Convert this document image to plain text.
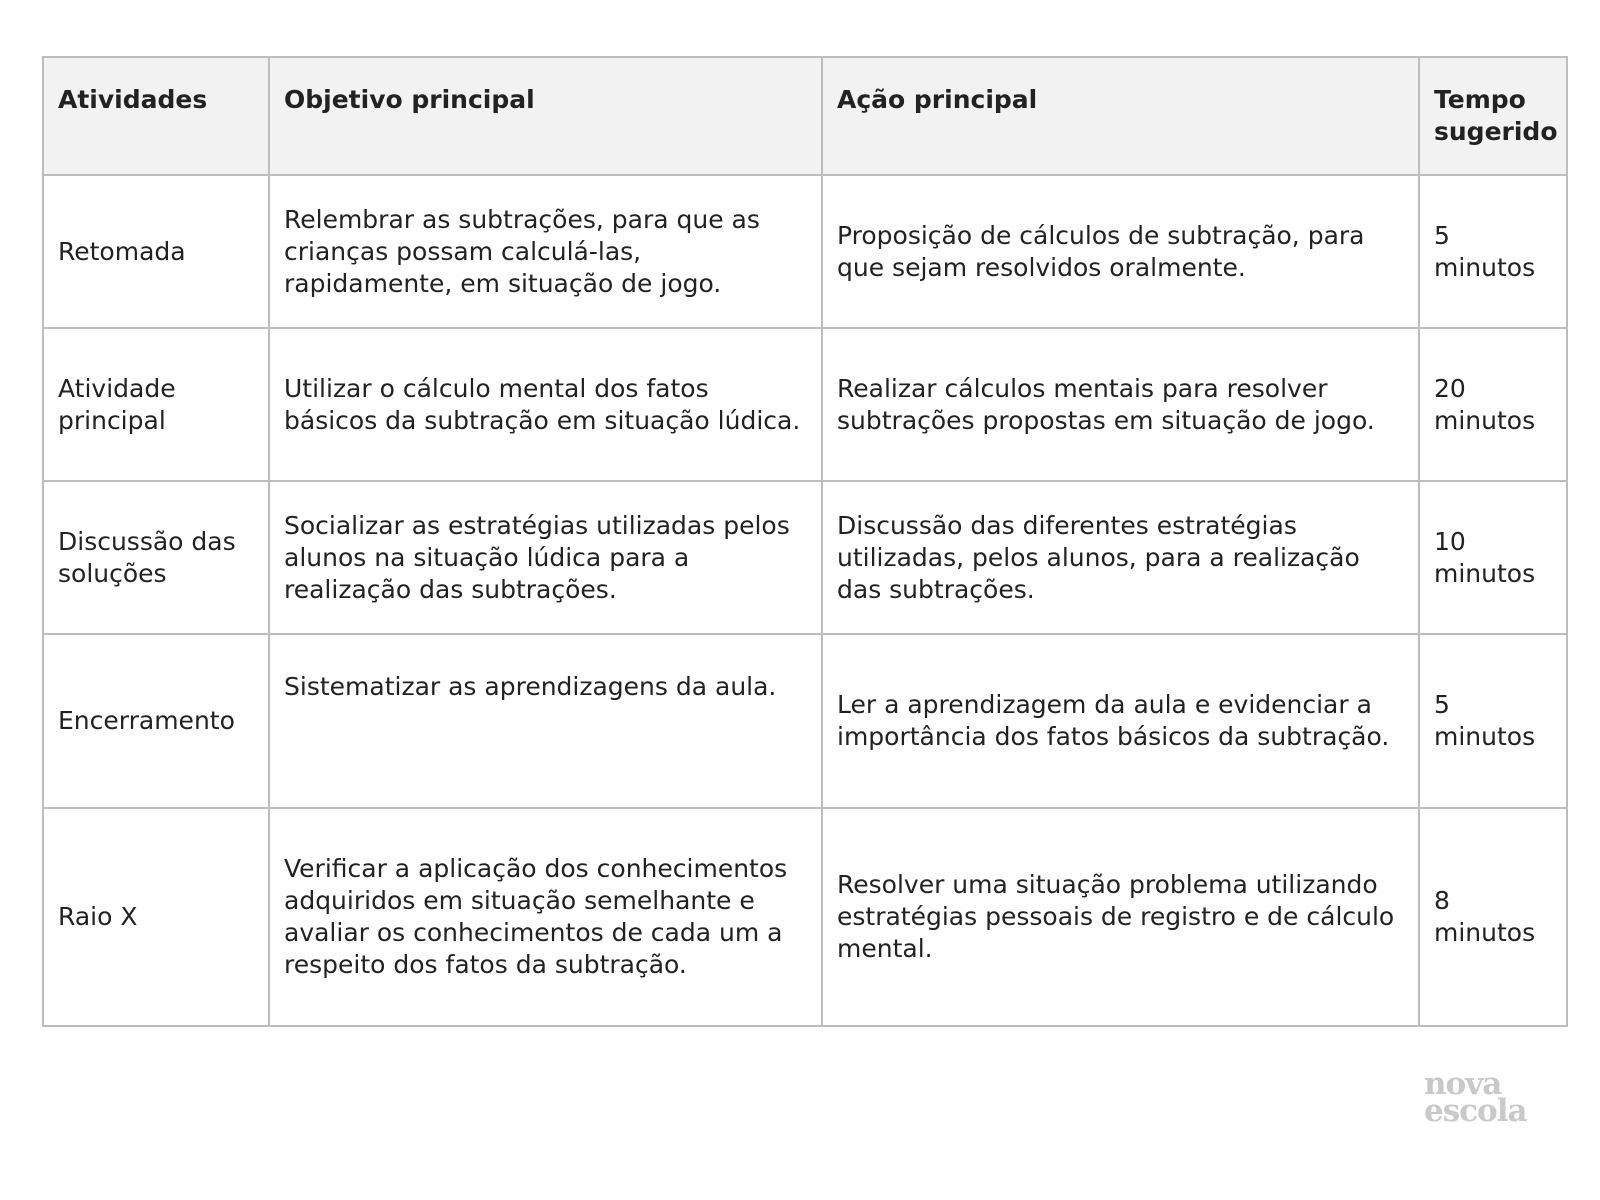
Atividades	Objetivo principal	Ação principal	Tempo sugerido
Retomada	Relembrar as subtrações, para que as crianças possam calculá-las, rapidamente, em situação de jogo.	Proposição de cálculos de subtração, para que sejam resolvidos oralmente.	5 minutos
Atividade principal	Utilizar o cálculo mental dos fatos básicos da subtração em situação lúdica.	Realizar cálculos mentais para resolver subtrações propostas em situação de jogo.	20 minutos
Discussão das soluções	Socializar as estratégias utilizadas pelos alunos na situação lúdica para a realização das subtrações.	Discussão das diferentes estratégias utilizadas, pelos alunos, para a realização das subtrações.	10 minutos
Encerramento	Sistematizar as aprendizagens da aula.	Ler a aprendizagem da aula e evidenciar a importância dos fatos básicos da subtração.	5 minutos
Raio X	Verificar a aplicação dos conhecimentos adquiridos em situação semelhante e avaliar os conhecimentos de cada um a respeito dos fatos da subtração.	Resolver uma situação problema utilizando estratégias pessoais de registro e de cálculo mental.	8 minutos
nova
escola
